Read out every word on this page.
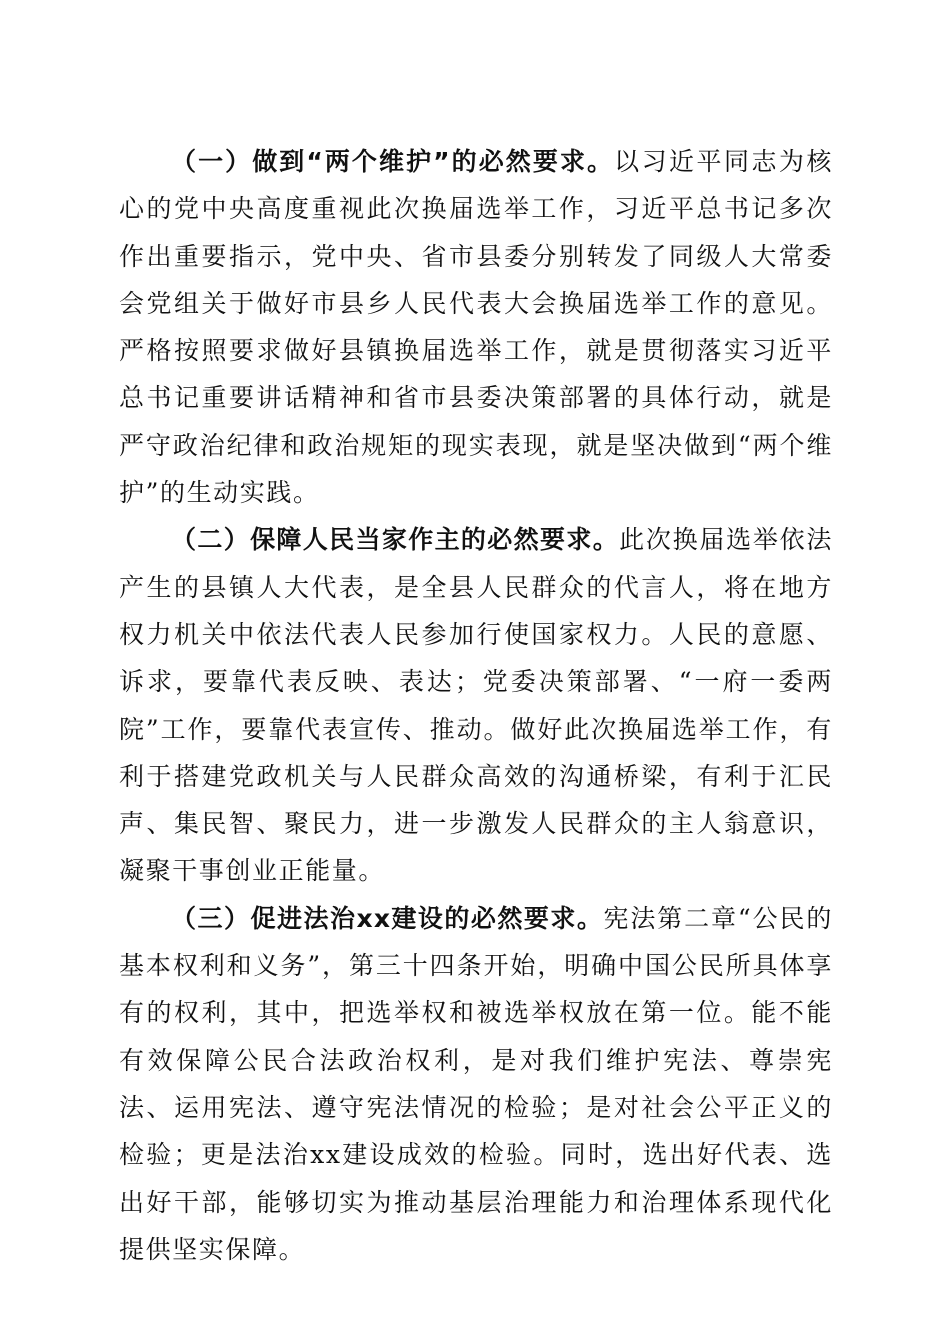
（一）做到“两个维护”的必然要求。以习近平同志为核心的党中央高度重视此次换届选举工作，习近平总书记多次作出重要指示，党中央、省市县委分别转发了同级人大常委会党组关于做好市县乡人民代表大会换届选举工作的意见。严格按照要求做好县镇换届选举工作，就是贯彻落实习近平总书记重要讲话精神和省市县委决策部署的具体行动，就是严守政治纪律和政治规矩的现实表现，就是坚决做到“两个维护”的生动实践。

（二）保障人民当家作主的必然要求。此次换届选举依法产生的县镇人大代表，是全县人民群众的代言人，将在地方权力机关中依法代表人民参加行使国家权力。人民的意愿、诉求，要靠代表反映、表达；党委决策部署、“一府一委两院”工作，要靠代表宣传、推动。做好此次换届选举工作，有利于搭建党政机关与人民群众高效的沟通桥梁，有利于汇民声、集民智、聚民力，进一步激发人民群众的主人翁意识，凝聚干事创业正能量。

（三）促进法治xx建设的必然要求。宪法第二章“公民的基本权利和义务”，第三十四条开始，明确中国公民所具体享有的权利，其中，把选举权和被选举权放在第一位。能不能有效保障公民合法政治权利，是对我们维护宪法、尊崇宪法、运用宪法、遵守宪法情况的检验；是对社会公平正义的检验；更是法治xx建设成效的检验。同时，选出好代表、选出好干部，能够切实为推动基层治理能力和治理体系现代化提供坚实保障。
